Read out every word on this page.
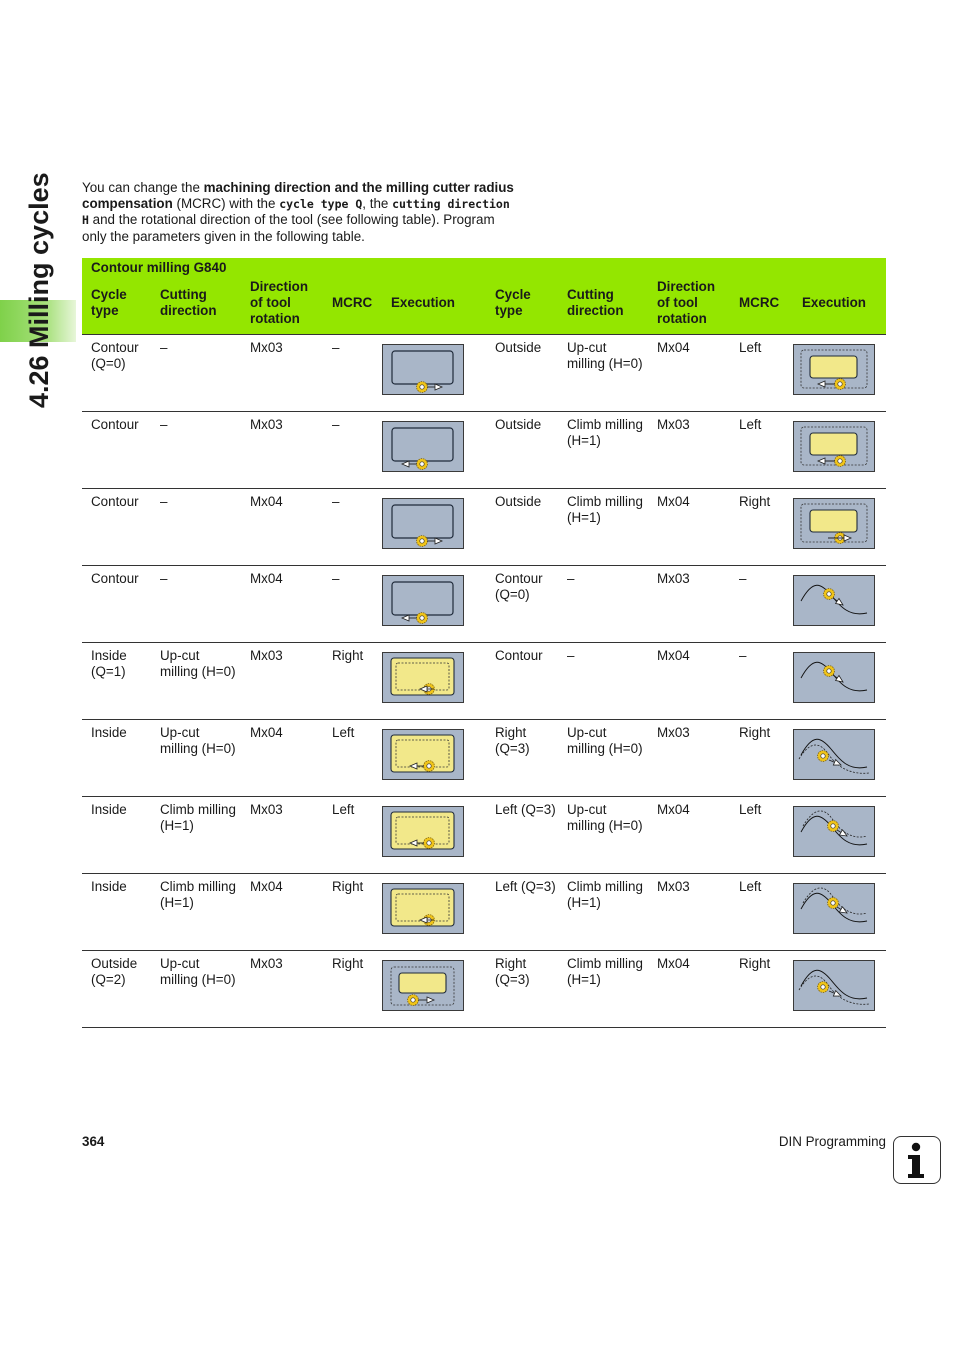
4.26 Milling cycles You can change the machining direction and the milling cutter radius compensation (MCRC) with the cycle type Q, the cutting direction H and the rotational direction of the tool (see following table). Program only the parameters given in the following table.
Contour milling G840									
Cycle type	Cutting direction	Direction of tool rotation	MCRC	Execution	Cycle type	Cutting direction	Direction of tool rotation	MCRC	Execution

Contour (Q=0)	–	Mx03	–		Outside	Up-cut milling (H=0)	Mx04	Left

Contour	–	Mx03	–		Outside	Climb milling (H=1)	Mx03	Left

Contour	–	Mx04	–		Outside	Climb milling (H=1)	Mx04	Right

Contour	–	Mx04	–		Contour (Q=0)	–	Mx03	–

Inside (Q=1)	Up-cut milling (H=0)	Mx03	Right		Contour	–	Mx04	–

Inside	Up-cut milling (H=0)	Mx04	Left		Right (Q=3)	Up-cut milling (H=0)	Mx03	Right

Inside	Climb milling (H=1)	Mx03	Left		Left (Q=3)	Up-cut milling (H=0)	Mx04	Left

Inside	Climb milling (H=1)	Mx04	Right		Left (Q=3)	Climb milling (H=1)	Mx03	Left

Outside (Q=2)	Up-cut milling (H=0)	Mx03	Right		Right (Q=3)	Climb milling (H=1)	Mx04	Right

364	DIN Programming
